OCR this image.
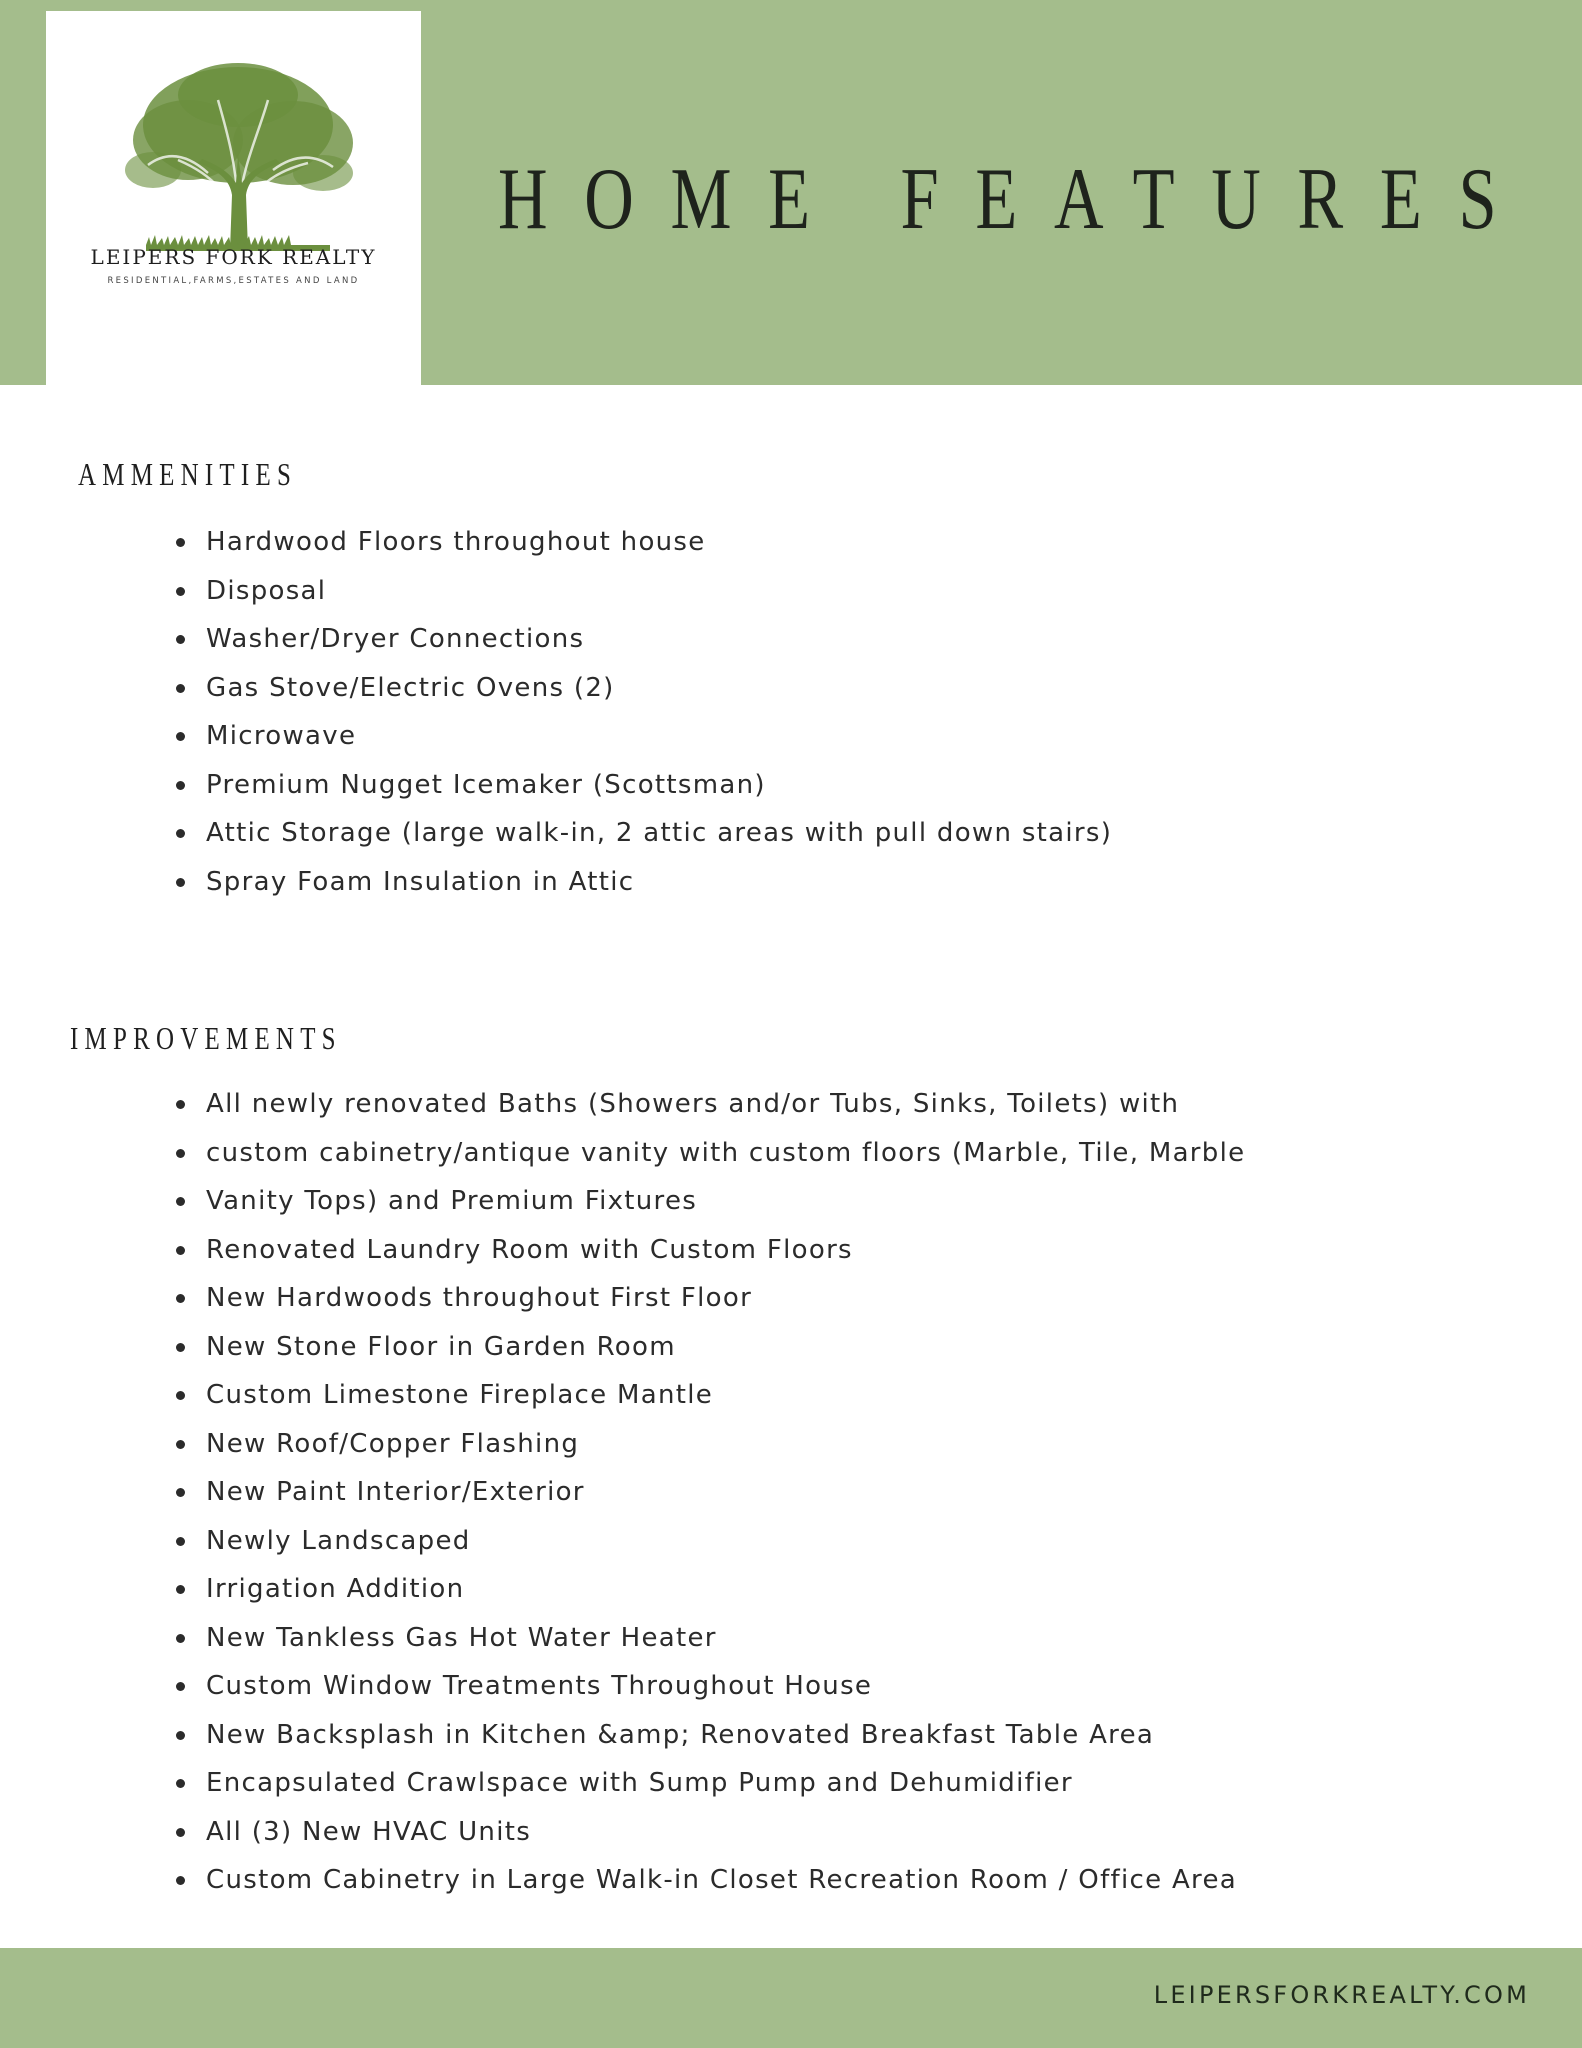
LEIPERS FORK REALTY
RESIDENTIAL,FARMS,ESTATES AND LAND
HOME FEATURES
AMMENITIES
Hardwood Floors throughout house
Disposal
Washer/Dryer Connections
Gas Stove/Electric Ovens (2)
Microwave
Premium Nugget Icemaker (Scottsman)
Attic Storage (large walk-in, 2 attic areas with pull down stairs)
Spray Foam Insulation in Attic
IMPROVEMENTS
All newly renovated Baths (Showers and/or Tubs, Sinks, Toilets) with
custom cabinetry/antique vanity with custom floors (Marble, Tile, Marble
Vanity Tops) and Premium Fixtures
Renovated Laundry Room with Custom Floors
New Hardwoods throughout First Floor
New Stone Floor in Garden Room
Custom Limestone Fireplace Mantle
New Roof/Copper Flashing
New Paint Interior/Exterior
Newly Landscaped
Irrigation Addition
New Tankless Gas Hot Water Heater
Custom Window Treatments Throughout House
New Backsplash in Kitchen &amp; Renovated Breakfast Table Area
Encapsulated Crawlspace with Sump Pump and Dehumidifier
All (3) New HVAC Units
Custom Cabinetry in Large Walk-in Closet Recreation Room / Office Area
LEIPERSFORKREALTY.COM
